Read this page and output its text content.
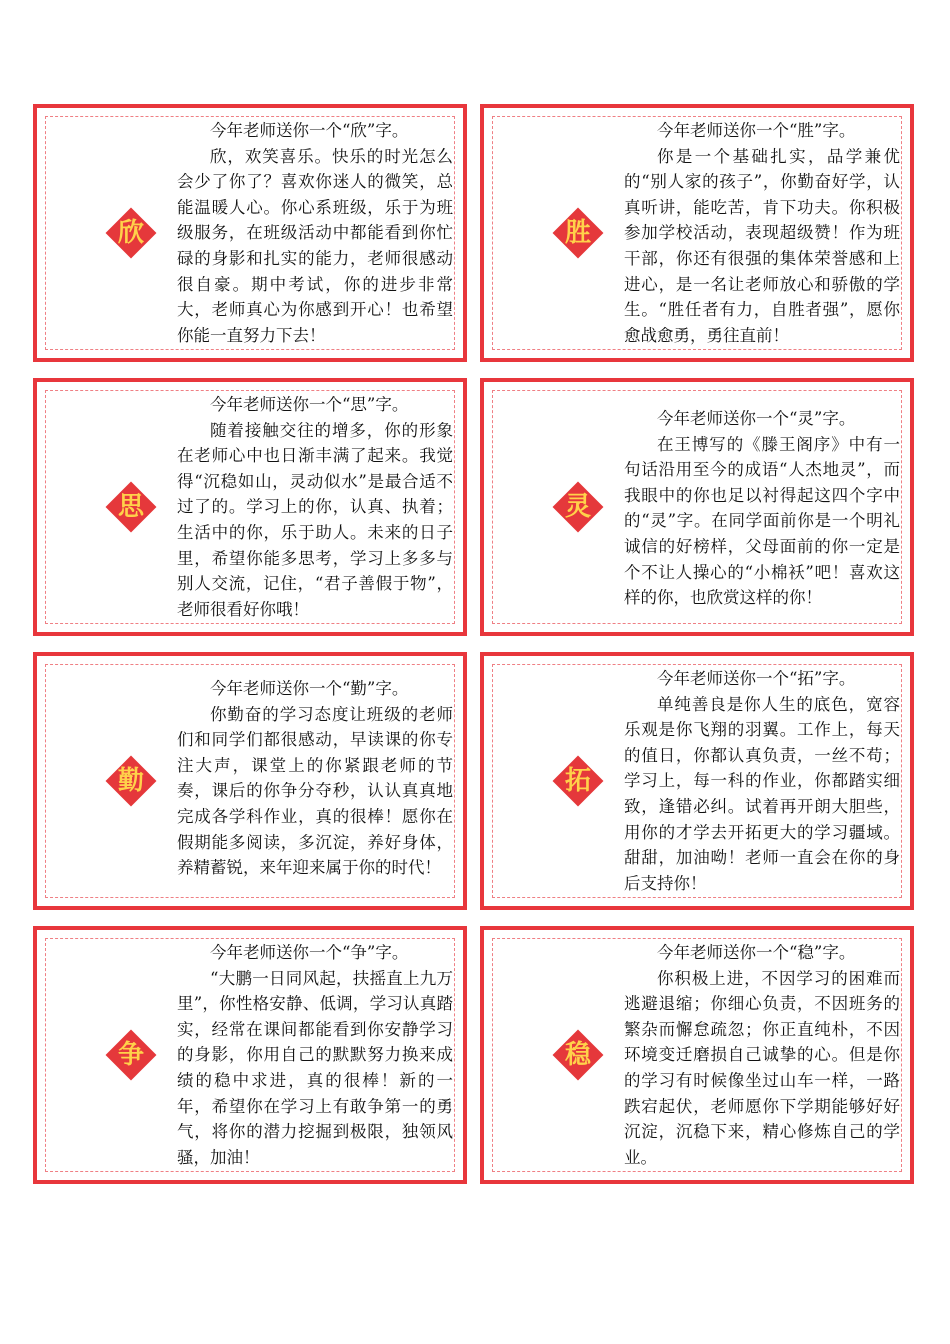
欣

今年老师送你一个“欣”字。

欣，欢笑喜乐。快乐的时光怎么会少了你了？喜欢你迷人的微笑，总能温暖人心。你心系班级，乐于为班级服务，在班级活动中都能看到你忙碌的身影和扎实的能力，老师很感动很自豪。期中考试，你的进步非常大，老师真心为你感到开心！也希望你能一直努力下去！

胜

今年老师送你一个“胜”字。

你是一个基础扎实，品学兼优的“别人家的孩子”，你勤奋好学，认真听讲，能吃苦，肯下功夫。你积极参加学校活动，表现超级赞！作为班干部，你还有很强的集体荣誉感和上进心，是一名让老师放心和骄傲的学生。“胜任者有力，自胜者强”，愿你愈战愈勇，勇往直前！

思

今年老师送你一个“思”字。

随着接触交往的增多，你的形象在老师心中也日渐丰满了起来。我觉得“沉稳如山，灵动似水”是最合适不过了的。学习上的你，认真、执着；生活中的你，乐于助人。未来的日子里，希望你能多思考，学习上多多与别人交流，记住，“君子善假于物”，老师很看好你哦！

灵

今年老师送你一个“灵”字。

在王博写的《滕王阁序》中有一句话沿用至今的成语“人杰地灵”，而我眼中的你也足以衬得起这四个字中的“灵”字。在同学面前你是一个明礼诚信的好榜样，父母面前的你一定是个不让人操心的“小棉袄”吧！喜欢这样的你，也欣赏这样的你！

勤

今年老师送你一个“勤”字。

你勤奋的学习态度让班级的老师们和同学们都很感动，早读课的你专注大声，课堂上的你紧跟老师的节奏，课后的你争分夺秒，认认真真地完成各学科作业，真的很棒！愿你在假期能多阅读，多沉淀，养好身体，养精蓄锐，来年迎来属于你的时代！

拓

今年老师送你一个“拓”字。

单纯善良是你人生的底色，宽容乐观是你飞翔的羽翼。工作上，每天的值日，你都认真负责，一丝不苟；学习上，每一科的作业，你都踏实细致，逢错必纠。试着再开朗大胆些，用你的才学去开拓更大的学习疆域。甜甜，加油呦！老师一直会在你的身后支持你！

争

今年老师送你一个“争”字。

“大鹏一日同风起，扶摇直上九万里”，你性格安静、低调，学习认真踏实，经常在课间都能看到你安静学习的身影，你用自己的默默努力换来成绩的稳中求进，真的很棒！新的一年，希望你在学习上有敢争第一的勇气，将你的潜力挖掘到极限，独领风骚，加油！

稳

今年老师送你一个“稳”字。

你积极上进，不因学习的困难而逃避退缩；你细心负责，不因班务的繁杂而懈怠疏忽；你正直纯朴，不因环境变迁磨损自己诚挚的心。但是你的学习有时候像坐过山车一样，一路跌宕起伏，老师愿你下学期能够好好沉淀，沉稳下来，精心修炼自己的学业。
